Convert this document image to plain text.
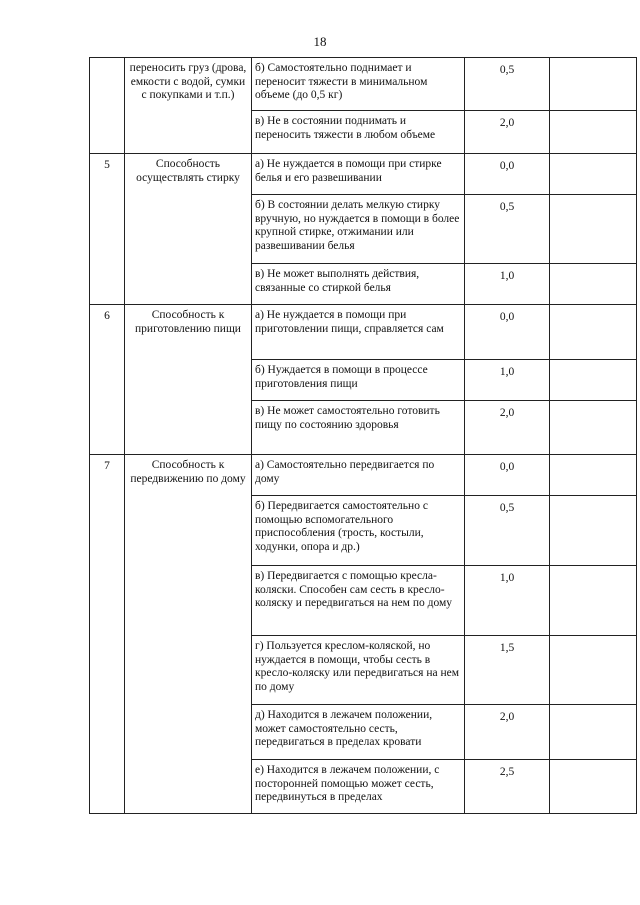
18
	переносить груз (дрова, емкости с водой, сумки с покупками и т.п.)	б) Самостоятельно поднимает и переносит тяжести в минимальном объеме (до 0,5 кг)	0,5	
		в) Не в состоянии поднимать и переносить тяжести в любом объеме	2,0	
5	Способность осуществлять стирку	а) Не нуждается в помощи при стирке белья и его развешивании	0,0	
		б) В состоянии делать мелкую стирку вручную, но нуждается в помощи в более крупной стирке, отжимании или развешивании белья	0,5	
		в) Не может выполнять действия, связанные со стиркой белья	1,0	
6	Способность к приготовлению пищи	а) Не нуждается в помощи при приготовлении пищи, справляется сам	0,0	
		б) Нуждается в помощи в процессе приготовления пищи	1,0	
		в) Не может самостоятельно готовить пищу по состоянию здоровья	2,0	
7	Способность к передвижению по дому	а) Самостоятельно передвигается по дому	0,0	
		б) Передвигается самостоятельно с помощью вспомогательного приспособления (трость, костыли, ходунки, опора и др.)	0,5	
		в) Передвигается с помощью кресла-коляски. Способен сам сесть в кресло-коляску и передвигаться на нем по дому	1,0	
		г) Пользуется креслом-коляской, но нуждается в помощи, чтобы сесть в кресло-коляску или передвигаться на нем по дому	1,5	
		д) Находится в лежачем положении, может самостоятельно сесть, передвигаться в пределах кровати	2,0	
		е) Находится в лежачем положении, с посторонней помощью может сесть, передвинуться в пределах	2,5	
